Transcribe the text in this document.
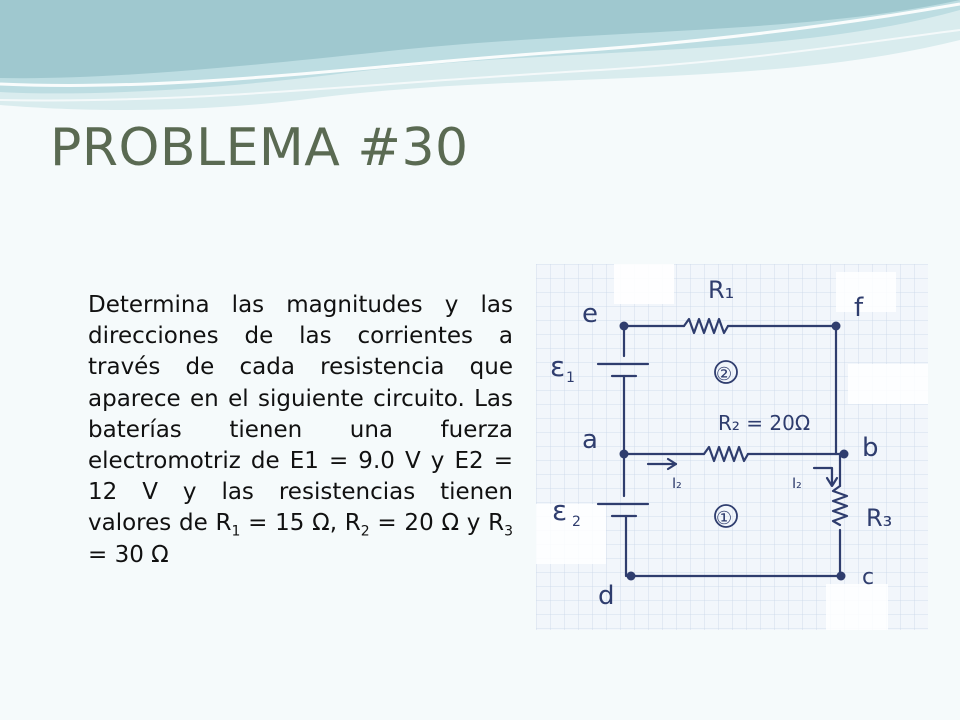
PROBLEMA #30

Determina las magnitudes y las direcciones de las corrientes a través de cada resistencia que aparece en el siguiente circuito. Las baterías tienen una fuerza electromotriz de E1 = 9.0 V y E2 = 12 V y las resistencias tienen valores de $R_1 = 15$ Ω, $R_2 = 20$ Ω y $R_3 = 30$ Ω

e	f
a	b
d
c
ε 1
ε 2
R₁
R₂ = 20Ω
R₃
②
①
I₂	I₂
